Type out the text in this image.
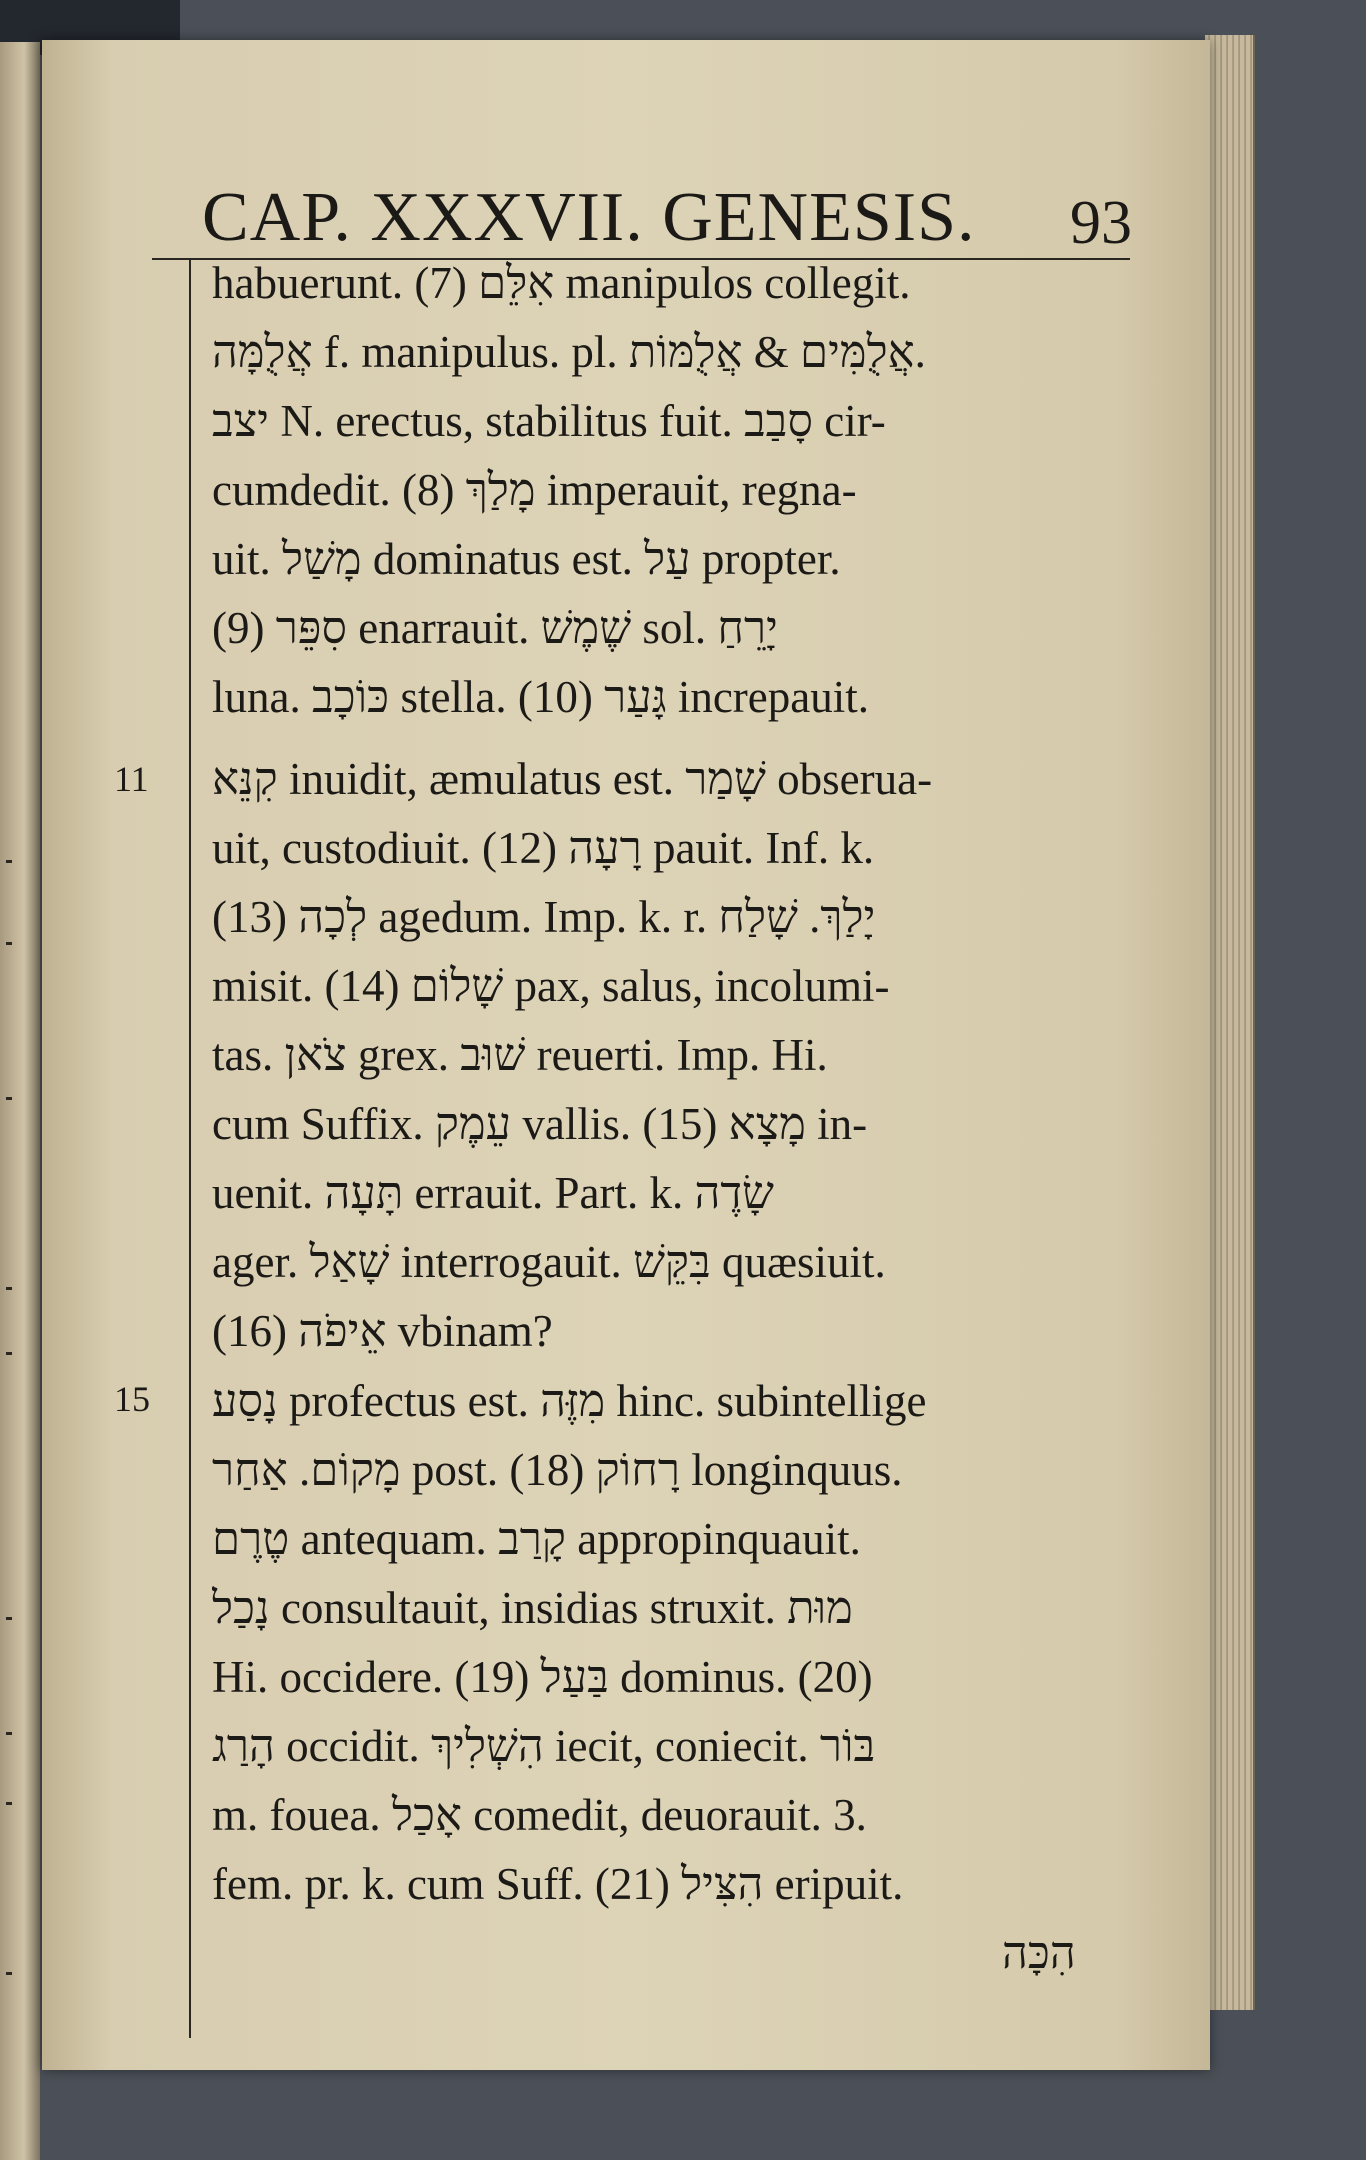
CAP. XXXVII. GENESIS. 93
11
15
habuerunt. (7) אִלֵּם manipulos collegit.
אֲלֻמָּה f. manipulus. pl. אֲלֻמִּים & אֲלֻמּוֹת.
יצב N. erectus, stabilitus fuit. סָבַב cir-
cumdedit. (8) מָלַךְ imperauit, regna-
uit. מָשַׁל dominatus est. עַל propter.
(9) סִפֵּר enarrauit. שֶׁמֶשׁ sol. יָרֵחַ
luna. כּוֹכָב stella. (10) גָּעַר increpauit.
קִנֵּא inuidit, æmulatus est. שָׁמַר obserua-
uit, custodiuit. (12) רָעָה pauit. Inf. k.
(13) לְכָה agedum. Imp. k. r. יָלַךְ. שָׁלַח
misit. (14) שָׁלוֹם pax, salus, incolumi-
tas. צֹאן grex. שׁוּב reuerti. Imp. Hi.
cum Suffix. עֵמֶק vallis. (15) מָצָא in-
uenit. תָּעָה errauit. Part. k. שָׂדֶה
ager. שָׁאַל interrogauit. בִּקֵּשׁ quæsiuit.
(16) אֵיפֹה vbinam?
נָסַע profectus est. מִזֶּה hinc. subintellige
מָקוֹם. אַחַר post. (18) רָחוֹק longinquus.
טֶרֶם antequam. קָרַב appropinquauit.
נָכַל consultauit, insidias struxit. מוּת
Hi. occidere. (19) בַּעַל dominus. (20)
הָרַג occidit. הִשְׁלִיךְ iecit, coniecit. בּוֹר
m. fouea. אָכַל comedit, deuorauit. 3.
fem. pr. k. cum Suff. (21) הִצִּיל eripuit.
הִכָּה
